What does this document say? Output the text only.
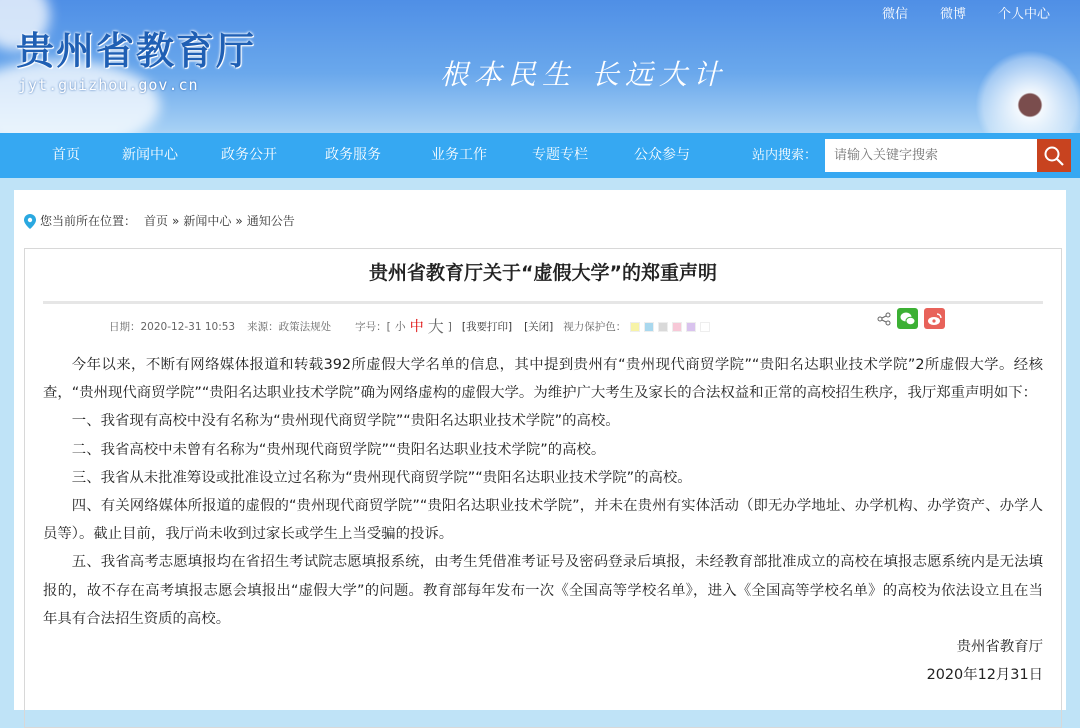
贵州省教育厅
jyt.guizhou.gov.cn	根本民生 长远大计
微信 微博 个人中心
首页	新闻中心	政务公开	政务服务	业务工作	专题专栏	公众参与	站内搜索：
请输入关键字搜索
您当前所在位置： 首页 » 新闻中心 » 通知公告
贵州省教育厅关于“虚假大学”的郑重声明
日期：2020-12-31 10:53 来源：政策法规处 字号：[ 小 中 大 ] [我要打印] [关闭] 视力保护色：

今年以来，不断有网络媒体报道和转载392所虚假大学名单的信息，其中提到贵州有“贵州现代商贸学院”“贵阳名达职业技术学院”2所虚假大学。经核查，“贵州现代商贸学院”“贵阳名达职业技术学院”确为网络虚构的虚假大学。为维护广大考生及家长的合法权益和正常的高校招生秩序，我厅郑重声明如下：

一、我省现有高校中没有名称为“贵州现代商贸学院”“贵阳名达职业技术学院”的高校。

二、我省高校中未曾有名称为“贵州现代商贸学院”“贵阳名达职业技术学院”的高校。

三、我省从未批准筹设或批准设立过名称为“贵州现代商贸学院”“贵阳名达职业技术学院”的高校。

四、有关网络媒体所报道的虚假的“贵州现代商贸学院”“贵阳名达职业技术学院”，并未在贵州有实体活动（即无办学地址、办学机构、办学资产、办学人员等）。截止目前，我厅尚未收到过家长或学生上当受骗的投诉。

五、我省高考志愿填报均在省招生考试院志愿填报系统，由考生凭借准考证号及密码登录后填报，未经教育部批准成立的高校在填报志愿系统内是无法填报的，故不存在高考填报志愿会填报出“虚假大学”的问题。教育部每年发布一次《全国高等学校名单》，进入《全国高等学校名单》的高校为依法设立且在当年具有合法招生资质的高校。

贵州省教育厅

2020年12月31日
